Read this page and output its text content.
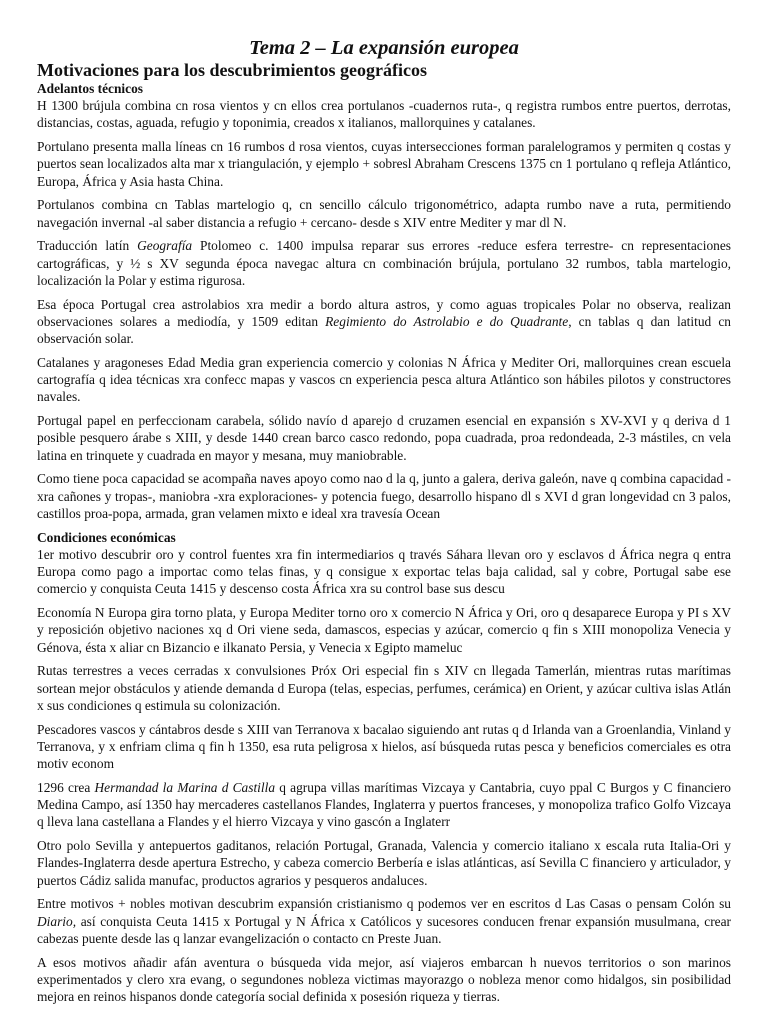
Tema 2 – La expansión europea
Motivaciones para los descubrimientos geográficos
Adelantos técnicos

H 1300 brújula combina cn rosa vientos y cn ellos crea portulanos -cuadernos ruta-, q registra rumbos entre puertos, derrotas, distancias, costas, aguada, refugio y toponimia, creados x italianos, mallorquines y catalanes.

Portulano presenta malla líneas cn 16 rumbos d rosa vientos, cuyas intersecciones forman paralelogramos y permiten q costas y puertos sean localizados alta mar x triangulación, y ejemplo + sobresl Abraham Crescens 1375 cn 1 portulano q refleja Atlántico, Europa, África y Asia hasta China.

Portulanos combina cn Tablas martelogio q, cn sencillo cálculo trigonométrico, adapta rumbo nave a ruta, permitiendo navegación invernal -al saber distancia a refugio + cercano- desde s XIV entre Mediter y mar dl N.

Traducción latín Geografía Ptolomeo c. 1400 impulsa reparar sus errores -reduce esfera terrestre- cn representaciones cartográficas, y ½ s XV segunda época navegac altura cn combinación brújula, portulano 32 rumbos, tabla martelogio, localización la Polar y estima rigurosa.

Esa época Portugal crea astrolabios xra medir a bordo altura astros, y como aguas tropicales Polar no observa, realizan observaciones solares a mediodía, y 1509 editan Regimiento do Astrolabio e do Quadrante, cn tablas q dan latitud cn observación solar.

Catalanes y aragoneses Edad Media gran experiencia comercio y colonias N África y Mediter Ori, mallorquines crean escuela cartografía q idea técnicas xra confecc mapas y vascos cn experiencia pesca altura Atlántico son hábiles pilotos y constructores navales.

Portugal papel en perfeccionam carabela, sólido navío d aparejo d cruzamen esencial en expansión s XV-XVI y q deriva d 1 posible pesquero árabe s XIII, y desde 1440 crean barco casco redondo, popa cuadrada, proa redondeada, 2-3 mástiles, cn vela latina en trinquete y cuadrada en mayor y mesana, muy maniobrable.

Como tiene poca capacidad se acompaña naves apoyo como nao d la q, junto a galera, deriva galeón, nave q combina capacidad -xra cañones y tropas-, maniobra -xra exploraciones- y potencia fuego, desarrollo hispano dl s XVI d gran longevidad cn 3 palos, castillos proa-popa, armada, gran velamen mixto e ideal xra travesía Ocean

Condiciones económicas

1er motivo descubrir oro y control fuentes xra fin intermediarios q través Sáhara llevan oro y esclavos d África negra q entra Europa como pago a importac como telas finas, y q consigue x exportac telas baja calidad, sal y cobre, Portugal sabe ese comercio y conquista Ceuta 1415 y descenso costa África xra su control base sus descu

Economía N Europa gira torno plata, y Europa Mediter torno oro x comercio N África y Ori, oro q desaparece Europa y PI s XV y reposición objetivo naciones xq d Ori viene seda, damascos, especias y azúcar, comercio q fin s XIII monopoliza Venecia y Génova, ésta x aliar cn Bizancio e ilkanato Persia, y Venecia x Egipto mameluc

Rutas terrestres a veces cerradas x convulsiones Próx Ori especial fin s XIV cn llegada Tamerlán, mientras rutas marítimas sortean mejor obstáculos y atiende demanda d Europa (telas, especias, perfumes, cerámica) en Orient, y azúcar cultiva islas Atlán x sus condiciones q estimula su colonización.

Pescadores vascos y cántabros desde s XIII van Terranova x bacalao siguiendo ant rutas q d Irlanda van a Groenlandia, Vinland y Terranova, y x enfriam clima q fin h 1350, esa ruta peligrosa x hielos, así búsqueda rutas pesca y beneficios comerciales es otra motiv econom

1296 crea Hermandad la Marina d Castilla q agrupa villas marítimas Vizcaya y Cantabria, cuyo ppal C Burgos y C financiero Medina Campo, así 1350 hay mercaderes castellanos Flandes, Inglaterra y puertos franceses, y monopoliza trafico Golfo Vizcaya q lleva lana castellana a Flandes y el hierro Vizcaya y vino gascón a Inglaterr

Otro polo Sevilla y antepuertos gaditanos, relación Portugal, Granada, Valencia y comercio italiano x escala ruta Italia-Ori y Flandes-Inglaterra desde apertura Estrecho, y cabeza comercio Berbería e islas atlánticas, así Sevilla C financiero y articulador, y puertos Cádiz salida manufac, productos agrarios y pesqueros andaluces.

Entre motivos + nobles motivan descubrim expansión cristianismo q podemos ver en escritos d Las Casas o pensam Colón su Diario, así conquista Ceuta 1415 x Portugal y N África x Católicos y sucesores conducen frenar expansión musulmana, crear cabezas puente desde las q lanzar evangelización o contacto cn Preste Juan.

A esos motivos añadir afán aventura o búsqueda vida mejor, así viajeros embarcan h nuevos territorios o son marinos experimentados y clero xra evang, o segundones nobleza victimas mayorazgo o nobleza menor como hidalgos, sin posibilidad mejora en reinos hispanos donde categoría social definida x posesión riqueza y tierras.
